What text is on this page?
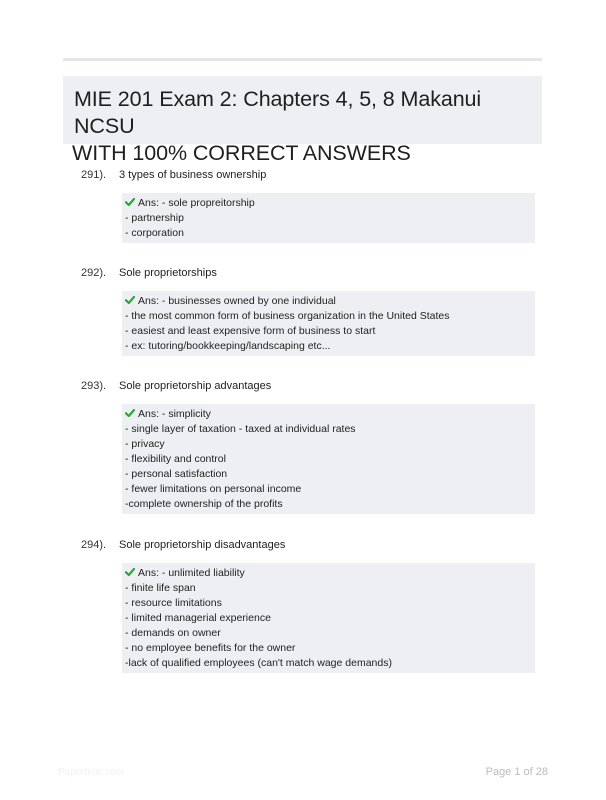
MIE 201 Exam 2: Chapters 4, 5, 8 Makanui NCSU
WITH 100% CORRECT ANSWERS
291).	3 types of business ownership
Ans: - sole propreitorship
- partnership
- corporation
292).	Sole proprietorships
Ans: - businesses owned by one individual
- the most common form of business organization in the United States
- easiest and least expensive form of business to start
- ex: tutoring/bookkeeping/landscaping etc...
293).	Sole proprietorship advantages
Ans: - simplicity
- single layer of taxation - taxed at individual rates
- privacy
- flexibility and control
- personal satisfaction
- fewer limitations on personal income
-complete ownership of the profits
294).	Sole proprietorship disadvantages
Ans: - unlimited liability
- finite life span
- resource limitations
- limited managerial experience
- demands on owner
- no employee benefits for the owner
-lack of qualified employees (can't match wage demands)
Papertelic.com	Page 1 of 28
